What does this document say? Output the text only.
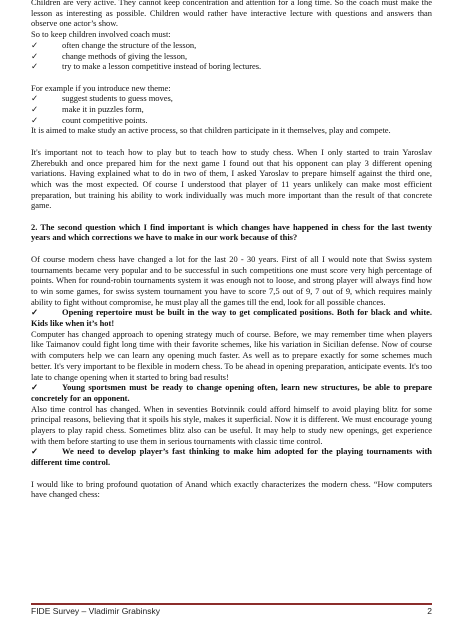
Children are very active. They cannot keep concentration and attention for a long time. So the coach must make the lesson as interesting as possible. Children would rather have interactive lecture with questions and answers than observe one actor’s show.

So to keep children involved coach must:

✓	often change the structure of the lesson,
✓	change methods of giving the lesson,
✓	try to make a lesson competitive instead of boring lectures.

For example if you introduce new theme:

✓	suggest students to guess moves,
✓	make it in puzzles form,
✓	count competitive points.

It is aimed to make study an active process, so that children participate in it themselves, play and compete.

It's important not to teach how to play but to teach how to study chess. When I only started to train Yaroslav Zherebukh and once prepared him for the next game I found out that his opponent can play 3 different opening variations. Having explained what to do in two of them, I asked Yaroslav to prepare himself against the third one, which was the most expected. Of course I understood that player of 11 years unlikely can make most efficient preparation, but training his ability to work individually was much more important than the result of that concrete game.

2. The second question which I find important is which changes have happened in chess for the last twenty years and which corrections we have to make in our work because of this?

Of course modern chess have changed a lot for the last 20 - 30 years. First of all I would note that Swiss system tournaments became very popular and to be successful in such competitions one must score very high percentage of points. When for round-robin tournaments system it was enough not to loose, and strong player will always find how to win some games, for swiss system tournament you have to score 7,5 out of 9, 7 out of 9, which requires mainly ability to fight without compromise, he must play all the games till the end, look for all possible chances.

✓	Opening repertoire must be built in the way to get complicated positions. Both for black and white. Kids like when it’s hot!

Computer has changed approach to opening strategy much of course. Before, we may remember time when players like Taimanov could fight long time with their favorite schemes, like his variation in Sicilian defense. Now of course with computers help we can learn any opening much faster. As well as to prepare exactly for some schemes much better. It's very important to be flexible in modern chess. To be ahead in opening preparation, anticipate events. It's too late to change opening when it started to bring bad results!

✓	Young sportsmen must be ready to change opening often, learn new structures, be able to prepare concretely for an opponent.

Also time control has changed. When in seventies Botvinnik could afford himself to avoid playing blitz for some principal reasons, believing that it spoils his style, makes it superficial. Now it is different. We must encourage young players to play rapid chess. Sometimes blitz also can be useful. It may help to study new openings, get experience with them before starting to use them in serious tournaments with classic time control.

✓	We need to develop player’s fast thinking to make him adopted for the playing tournaments with different time control.

I would like to bring profound quotation of Anand which exactly characterizes the modern chess. “How computers have changed chess:

FIDE Survey – Vladimir Grabinsky	2
